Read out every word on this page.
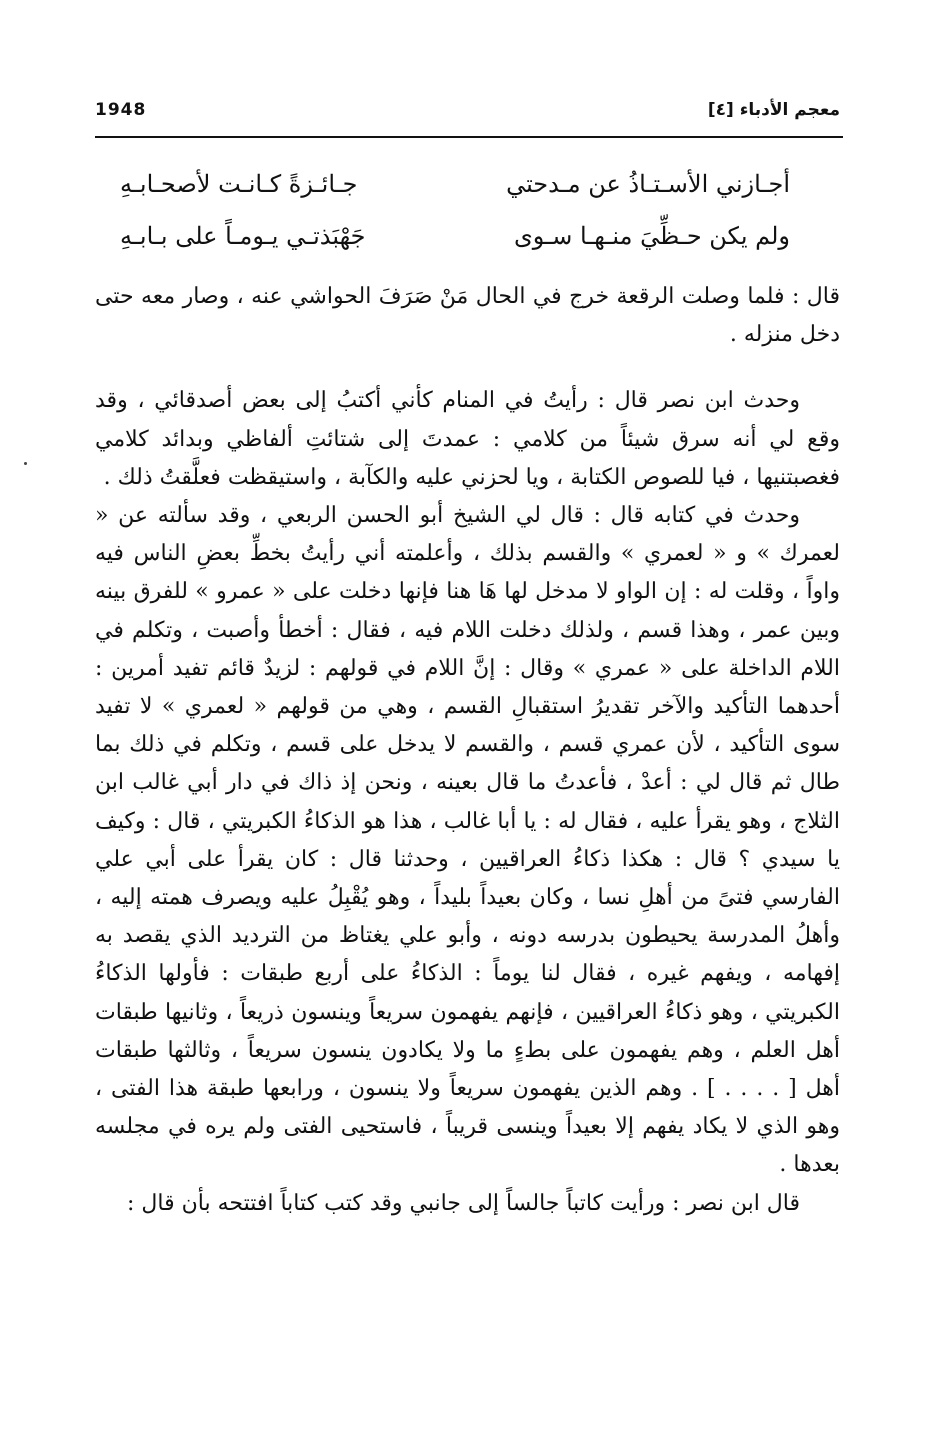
1948	معجم الأدباء [٤]
أجـازني الأسـتـاذُ عن مـدحتي
جـائـزةً كـانـت لأصحـابـهِ
ولم يكن حـظِّيَ منـهـا سـوى
جَهْبَذتـي يـومـاً على بـابـهِ

قال : فلما وصلت الرقعة خرج في الحال مَنْ صَرَفَ الحواشي عنه ، وصار معه حتى دخل منزله .

وحدث ابن نصر قال : رأيتُ في المنام كأني أكتبُ إلى بعض أصدقائي ، وقد وقع لي أنه سرق شيئاً من كلامي : عمدتَ إلى شتائتِ ألفاظي وبدائد كلامي فغصبتنيها ، فيا للصوص الكتابة ، ويا لحزني عليه والكآبة ، واستيقظت فعلَّقتُ ذلك .

وحدث في كتابه قال : قال لي الشيخ أبو الحسن الربعي ، وقد سألته عن « لعمرك » و « لعمري » والقسم بذلك ، وأعلمته أني رأيتُ بخطِّ بعضِ الناس فيه واواً ، وقلت له : إن الواو لا مدخل لها هَا هنا فإنها دخلت على « عمرو » للفرق بينه وبين عمر ، وهذا قسم ، ولذلك دخلت اللام فيه ، فقال : أخطأ وأصبت ، وتكلم في اللام الداخلة على « عمري » وقال : إنَّ اللام في قولهم : لزيدٌ قائم تفيد أمرين : أحدهما التأكيد والآخر تقديرُ استقبالِ القسم ، وهي من قولهم « لعمري » لا تفيد سوى التأكيد ، لأن عمري قسم ، والقسم لا يدخل على قسم ، وتكلم في ذلك بما طال ثم قال لي : أعدْ ، فأعدتُ ما قال بعينه ، ونحن إذ ذاك في دار أبي غالب ابن الثلاج ، وهو يقرأ عليه ، فقال له : يا أبا غالب ، هذا هو الذكاءُ الكبريتي ، قال : وكيف يا سيدي ؟ قال : هكذا ذكاءُ العراقيين ، وحدثنا قال : كان يقرأ على أبي علي الفارسي فتىً من أهلِ نسا ، وكان بعيداً بليداً ، وهو يُقْبِلُ عليه ويصرف همته إليه ، وأهلُ المدرسة يحيطون بدرسه دونه ، وأبو علي يغتاظ من الترديد الذي يقصد به إفهامه ، ويفهم غيره ، فقال لنا يوماً : الذكاءُ على أربع طبقات : فأولها الذكاءُ الكبريتي ، وهو ذكاءُ العراقيين ، فإنهم يفهمون سريعاً وينسون ذريعاً ، وثانيها طبقات أهل العلم ، وهم يفهمون على بطءٍ ما ولا يكادون ينسون سريعاً ، وثالثها طبقات أهل [ . . . . ] . وهم الذين يفهمون سريعاً ولا ينسون ، ورابعها طبقة هذا الفتى ، وهو الذي لا يكاد يفهم إلا بعيداً وينسى قريباً ، فاستحيى الفتى ولم يره في مجلسه بعدها .

قال ابن نصر : ورأيت كاتباً جالساً إلى جانبي وقد كتب كتاباً افتتحه بأن قال :
